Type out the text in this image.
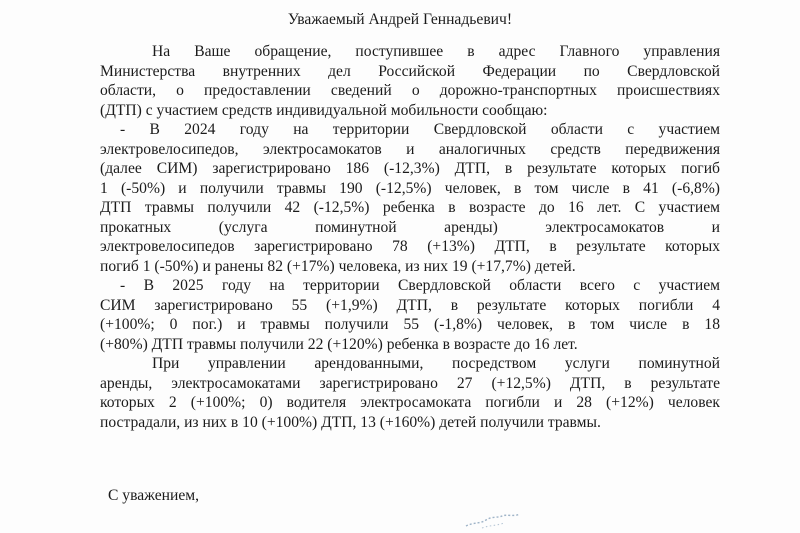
Уважаемый Андрей Геннадьевич!
На Ваше обращение, поступившее в адрес Главного управления
Министерства внутренних дел Российской Федерации по Свердловской
области, о предоставлении сведений о дорожно-транспортных происшествиях
(ДТП) с участием средств индивидуальной мобильности сообщаю:
- В 2024 году на территории Свердловской области с участием
электровелосипедов, электросамокатов и аналогичных средств передвижения
(далее СИМ) зарегистрировано 186 (-12,3%) ДТП, в результате которых погиб
1 (-50%) и получили травмы 190 (-12,5%) человек, в том числе в 41 (-6,8%)
ДТП травмы получили 42 (-12,5%) ребенка в возрасте до 16 лет. С участием
прокатных (услуга поминутной аренды) электросамокатов и
электровелосипедов зарегистрировано 78 (+13%) ДТП, в результате которых
погиб 1 (-50%) и ранены 82 (+17%) человека, из них 19 (+17,7%) детей.
- В 2025 году на территории Свердловской области всего с участием
СИМ зарегистрировано 55 (+1,9%) ДТП, в результате которых погибли 4
(+100%; 0 пог.) и травмы получили 55 (-1,8%) человек, в том числе в 18
(+80%) ДТП травмы получили 22 (+120%) ребенка в возрасте до 16 лет.
При управлении арендованными, посредством услуги поминутной
аренды, электросамокатами зарегистрировано 27 (+12,5%) ДТП, в результате
которых 2 (+100%; 0) водителя электросамоката погибли и 28 (+12%) человек
пострадали, из них в 10 (+100%) ДТП, 13 (+160%) детей получили травмы.
С уважением,
